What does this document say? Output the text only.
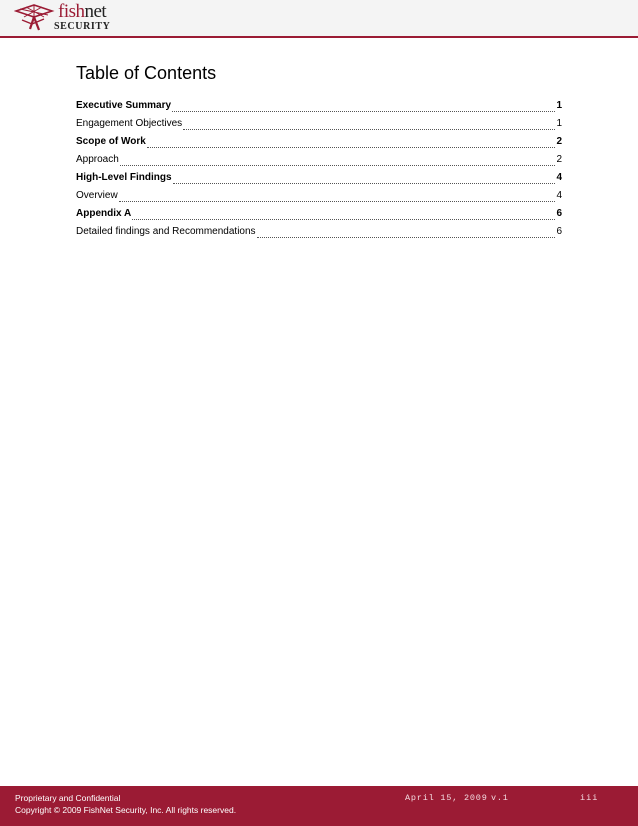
fishnet
SECURITY
Table of Contents
Executive Summary	1
Engagement Objectives	1
Scope of Work	2
Approach	2
High-Level Findings	4
Overview	4
Appendix A	6
Detailed findings and Recommendations	6
Proprietary and Confidential
Copyright © 2009 FishNet Security, Inc. All rights reserved.
April 15, 2009 v.1	iii
